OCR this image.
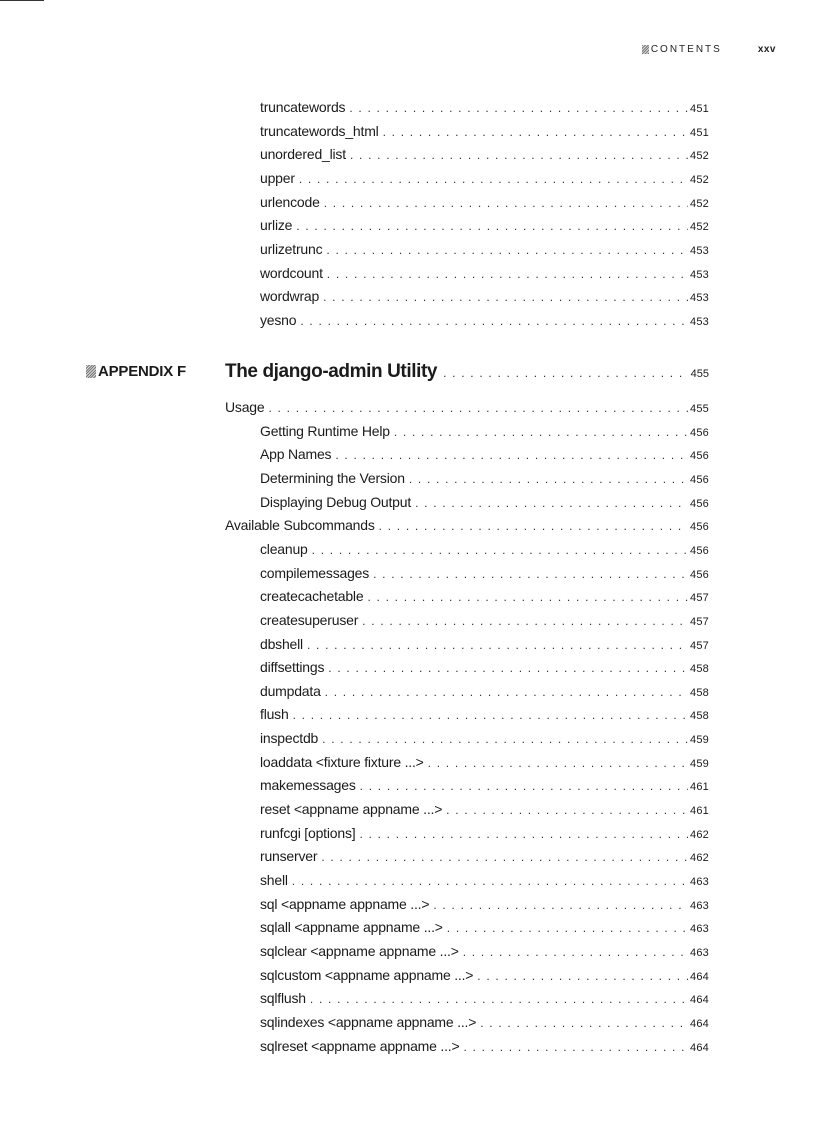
CONTENTS	xxv
truncatewords . . .	451
truncatewords_html . . .	451
unordered_list . . .	452
upper . . .	452
urlencode . . .	452
urlize . . .	452
urlizetrunc . . .	453
wordcount . . .	453
wordwrap . . .	453
yesno . . .	453
APPENDIX F The django-admin Utility . . .	455
Usage . . .	455
Getting Runtime Help . . .	456
App Names . . .	456
Determining the Version . . .	456
Displaying Debug Output . . .	456
Available Subcommands . . .	456
cleanup . . .	456
compilemessages . . .	456
createcachetable . . .	457
createsuperuser . . .	457
dbshell . . .	457
diffsettings . . .	458
dumpdata . . .	458
flush . . .	458
inspectdb . . .	459
loaddata <fixture fixture ...> . . .	459
makemessages . . .	461
reset <appname appname ...> . . .	461
runfcgi [options] . . .	462
runserver . . .	462
shell . . .	463
sql <appname appname ...> . . .	463
sqlall <appname appname ...> . . .	463
sqlclear <appname appname ...> . . .	463
sqlcustom <appname appname ...> . . .	464
sqlflush . . .	464
sqlindexes <appname appname ...> . . .	464
sqlreset <appname appname ...> . . .	464
